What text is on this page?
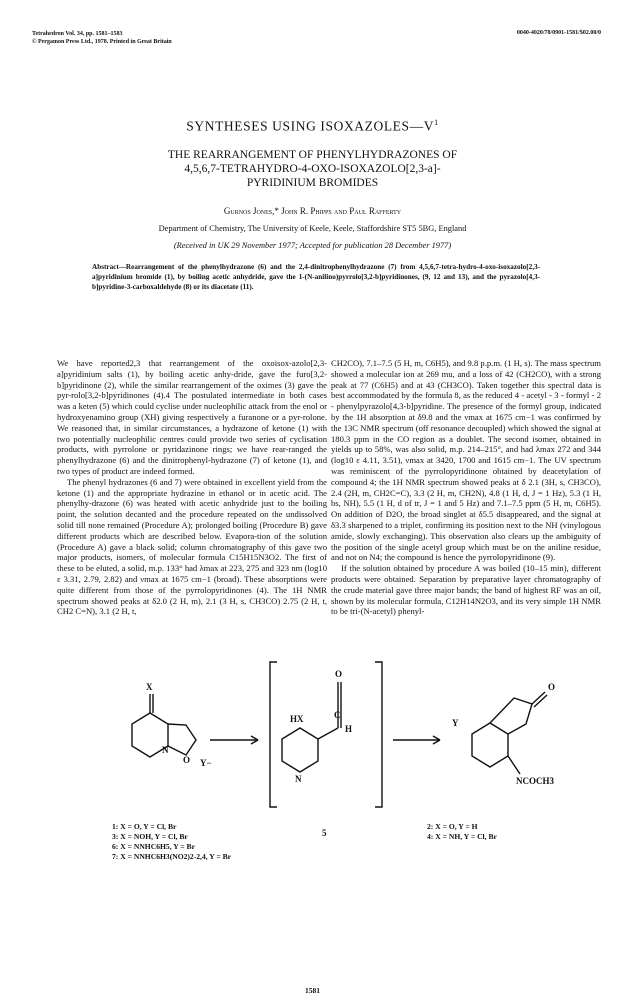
Tetrahedron Vol. 34, pp. 1581–1583
© Pergamon Press Ltd., 1978. Printed in Great Britain
0040-4020/78/0901-1581/$02.00/0
SYNTHESES USING $ISOXAZOLES—V^1$
THE REARRANGEMENT OF PHENYLHYDRAZONES OF
4,5,6,7-TETRAHYDRO-4-OXO-ISOXAZOLO[2,3-a]-
PYRIDINIUM BROMIDES
Gurnos Jones,* John R. Phipps and Paul Rafferty
Department of Chemistry, The University of Keele, Keele, Staffordshire ST5 5BG, England
(Received in UK 29 November 1977; Accepted for publication 28 December 1977)
Abstract—Rearrangement of the phenylhydrazone (6) and the 2,4-dinitrophenylhydrazone (7) from 4,5,6,7-tetra-hydro-4-oxo-isoxazolo[2,3-a]pyridinium bromide (1), by boiling acetic anhydride, gave the 1-(N-anilino)pyrrolo[3,2-b]pyridinones, (9, 12 and 13), and the pyrazolo[4,3-b]pyridine-3-carboxaldehyde (8) or its diacetate (11).

We have reported2,3 that rearrangement of the oxoisox-azolo[2,3-a]pyridinium salts (1), by boiling acetic anhy-dride, gave the furo[3,2-b]pyridinone (2), while the similar rearrangement of the oximes (3) gave the pyr-rolo[3,2-b]pyridinones (4).4 The postulated intermediate in both cases was a keten (5) which could cyclise under nucleophilic attack from the enol or hydroxyenamino group (XH) giving respectively a furanone or a pyr-rolone. We reasoned that, in similar circumstances, a hydrazone of ketone (1) with two potentially nucleophilic centres could provide two series of cyclisation products, with pyrrolone or pyridazinone rings; we have rear-ranged the phenylhydrazone (6) and the dinitrophenyl-hydrazone (7) of ketone (1), and two types of product are indeed formed.

The phenyl hydrazones (6 and 7) were obtained in excellent yield from the ketone (1) and the appropriate hydrazine in ethanol or in acetic acid. The phenylhy-drazone (6) was heated with acetic anhydride just to the boiling point, the solution decanted and the procedure repeated on the undissolved solid till none remained (Procedure A); prolonged boiling (Procedure B) gave different products which are described below. Evapora-tion of the solution (Procedure A) gave a black solid; column chromatography of this gave two major products, isomers, of molecular formula C15H15N3O2. The first of these to be eluted, a solid, m.p. 133° had λmax at 223, 275 and 323 nm (log10 ε 3.31, 2.79, 2.82) and νmax at 1675 cm−1 (broad). These absorptions were quite different from those of the pyrrolopyridinones (4). The 1H NMR spectrum showed peaks at δ2.0 (2 H, m), 2.1 (3 H, s, CH3CO) 2.75 (2 H, t, CH2 C=N), 3.1 (2 H, t,

CH2CO), 7.1–7.5 (5 H, m, C6H5), and 9.8 p.p.m. (1 H, s). The mass spectrum showed a molecular ion at 269 mu, and a loss of 42 (CH2CO), with a strong peak at 77 (C6H5) and at 43 (CH3CO). Taken together this spectral data is best accommodated by the formula 8, as the reduced 4 - acetyl - 3 - formyl - 2 - phenylpyrazolo[4,3-b]pyridine. The presence of the formyl group, indicated by the 1H absorption at δ9.8 and the νmax at 1675 cm−1 was confirmed by the 13C NMR spectrum (off resonance decoupled) which showed the signal at 180.3 ppm in the CO region as a doublet. The second isomer, obtained in yields up to 58%, was also solid, m.p. 214–215°, and had λmax 272 and 344 (log10 ε 4.11, 3.51), νmax at 3420, 1700 and 1615 cm−1. The UV spectrum was reminiscent of the pyrrolopyridinone obtained by deacetylation of compound 4; the 1H NMR spectrum showed peaks at δ 2.1 (3H, s, CH3CO), 2.4 (2H, m, CH2C=C), 3.3 (2 H, m, CH2N), 4.8 (1 H, d, J = 1 Hz), 5.3 (1 H, bs, NH), 5.5 (1 H, d of tr, J = 1 and 5 Hz) and 7.1–7.5 ppm (5 H, m, C6H5). On addition of D2O, the broad singlet at δ5.5 disappeared, and the signal at δ3.3 sharpened to a triplet, confirming its position next to the NH (vinylogous amide, slowly exchanging). This observation also clears up the ambiguity of the position of the single acetyl group which must be on the aniline residue, and not on N4; the compound is hence the pyrrolopyridinone (9).

If the solution obtained by procedure A was boiled (10–15 min), different products were obtained. Separation by preparative layer chromatography of the crude material gave three major bands; the band of highest RF was an oil, shown by its molecular formula, C12H14N2O3, and its very simple 1H NMR to be tri-(N-acetyl) phenyl-

X
N
O Y−
HX
O
C
H
N
O
Y
NCOCH3
5
1: X = O, Y = Cl, Br
3: X = NOH, Y = Cl, Br
6: X = NNHC6H5, Y = Br
7: X = NNHC6H3(NO2)2-2,4, Y = Br
2: X = O, Y = H
4: X = NH, Y = Cl, Br
1581
